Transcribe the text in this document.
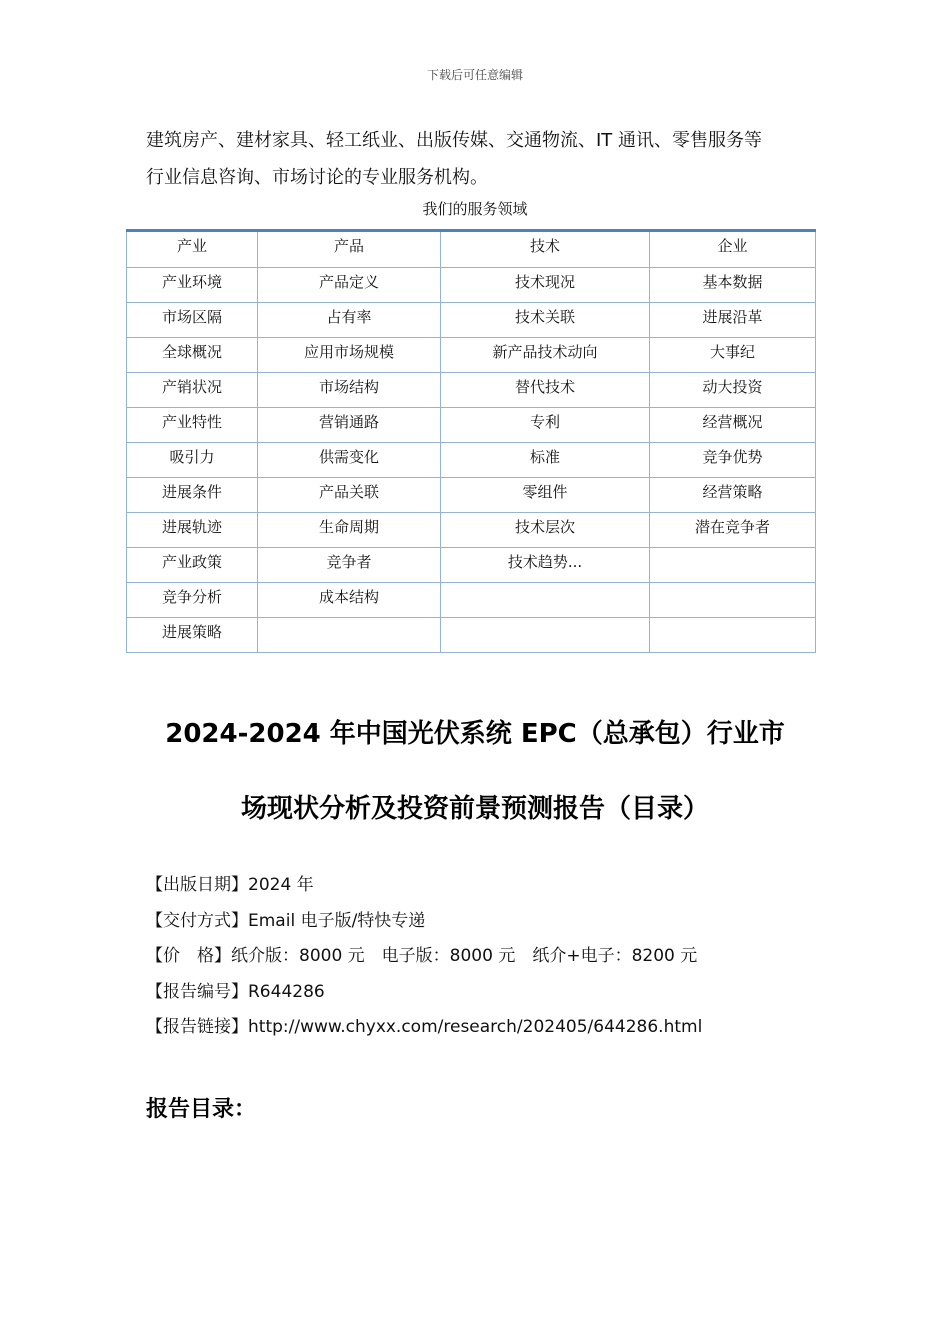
下载后可任意编辑

建筑房产、建材家具、轻工纸业、出版传媒、交通物流、IT 通讯、零售服务等

行业信息咨询、市场讨论的专业服务机构。

我们的服务领域
产业	产品	技术	企业
产业环境	产品定义	技术现况	基本数据
市场区隔	占有率	技术关联	进展沿革
全球概况	应用市场规模	新产品技术动向	大事纪
产销状况	市场结构	替代技术	动大投资
产业特性	营销通路	专利	经营概况
吸引力	供需变化	标准	竞争优势
进展条件	产品关联	零组件	经营策略
进展轨迹	生命周期	技术层次	潜在竞争者
产业政策	竞争者	技术趋势...	
竞争分析	成本结构		
进展策略			
2024-2024 年中国光伏系统 EPC（总承包）行业市
场现状分析及投资前景预测报告（目录）
【出版日期】2024 年
【交付方式】Email 电子版/特快专递
【价　格】纸介版：8000 元　电子版：8000 元　纸介+电子：8200 元
【报告编号】R644286
【报告链接】http://www.chyxx.com/research/202405/644286.html
报告目录：
